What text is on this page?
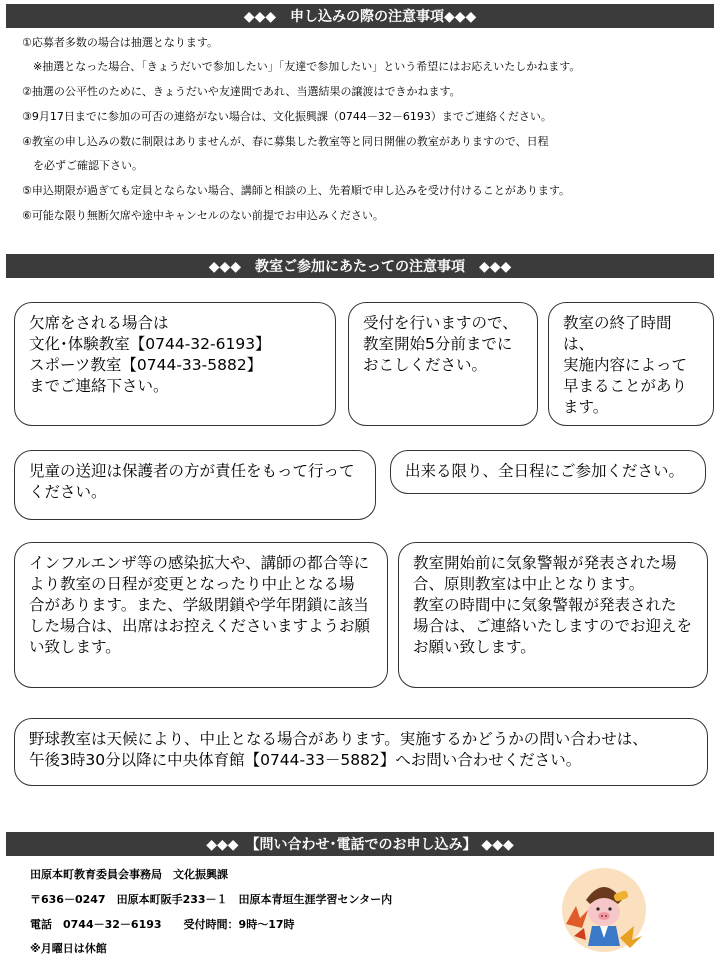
◆◆◆　申し込みの際の注意事項◆◆◆
①応募者多数の場合は抽選となります。
　※抽選となった場合、「きょうだいで参加したい」「友達で参加したい」という希望にはお応えいたしかねます。
②抽選の公平性のために、きょうだいや友達間であれ、当選結果の譲渡はできかねます。
③9月17日までに参加の可否の連絡がない場合は、文化振興課（0744－32－6193）までご連絡ください。
④教室の申し込みの数に制限はありませんが、春に募集した教室等と同日開催の教室がありますので、日程
　を必ずご確認下さい。
⑤申込期限が過ぎても定員とならない場合、講師と相談の上、先着順で申し込みを受け付けることがあります。
⑥可能な限り無断欠席や途中キャンセルのない前提でお申込みください。
◆◆◆　教室ご参加にあたっての注意事項　◆◆◆

欠席をされる場合は
文化･体験教室【0744-32-6193】
スポーツ教室【0744-33-5882】
までご連絡下さい。

受付を行いますので、
教室開始5分前までに
おこしください。

教室の終了時間は、
実施内容によって
早まることがあり
ます。

児童の送迎は保護者の方が責任をもって行って
ください。

出来る限り、全日程にご参加ください。

インフルエンザ等の感染拡大や、講師の都合等に
より教室の日程が変更となったり中止となる場
合があります。また、学級閉鎖や学年閉鎖に該当
した場合は、出席はお控えくださいますようお願
い致します。

教室開始前に気象警報が発表された場
合、原則教室は中止となります。
教室の時間中に気象警報が発表された
場合は、ご連絡いたしますのでお迎えを
お願い致します。

野球教室は天候により、中止となる場合があります。実施するかどうかの問い合わせは、
午後3時30分以降に中央体育館【0744-33－5882】へお問い合わせください。

◆◆◆　【問い合わせ･電話でのお申し込み】 ◆◆◆
田原本町教育委員会事務局　文化振興課
〒636－0247　田原本町阪手233－１　田原本青垣生涯学習センター内
電話　0744－32－6193　　受付時間：9時～17時
※月曜日は休館
